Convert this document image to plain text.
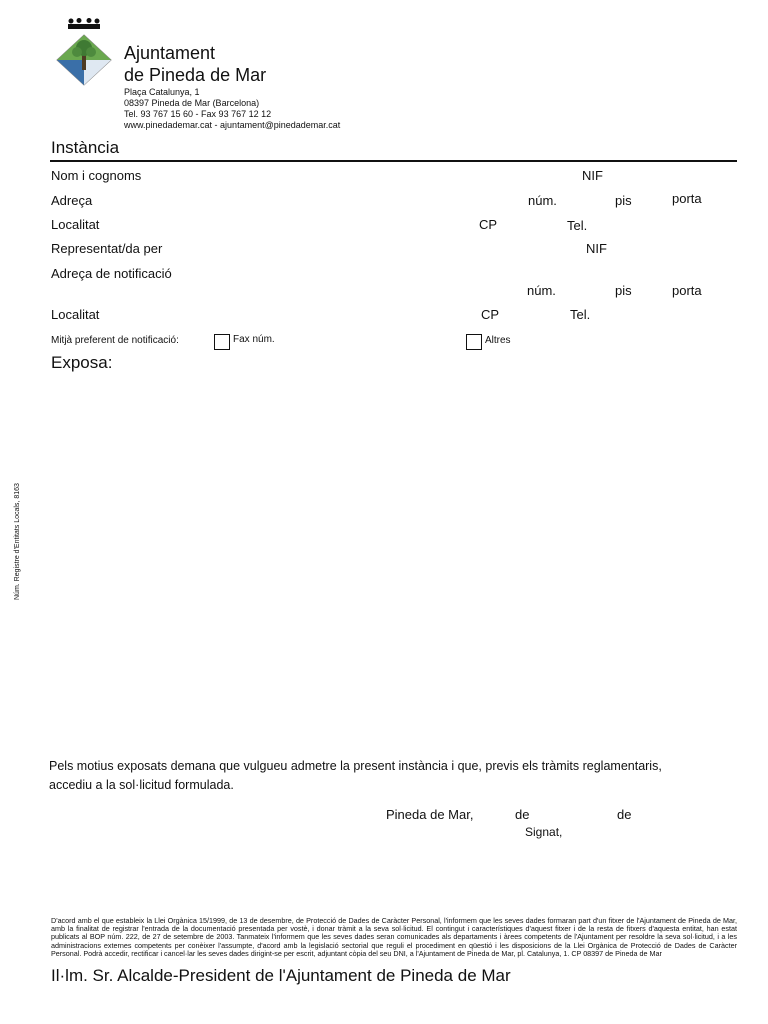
Ajuntament
de Pineda de Mar
Plaça Catalunya, 1
08397 Pineda de Mar (Barcelona)
Tel. 93 767 15 60 - Fax 93 767 12 12
www.pinedademar.cat - ajuntament@pinedademar.cat
Instància
Nom i cognoms	NIF
Adreça	núm.	pis	porta
Localitat	CP	Tel.
Representat/da per	NIF
Adreça de notificació
núm.	pis	porta
Localitat	CP	Tel.
Mitjà preferent de notificació:	Fax núm.	Altres
Exposa:
Núm. Registre d'Entitats Locals, 8163
Pels motius exposats demana que vulgueu admetre la present instància i que, previs els tràmits reglamentaris,
accediu a la sol·licitud formulada.
Pineda de Mar,	de	de
Signat,
D'acord amb el que estableix la Llei Orgànica 15/1999, de 13 de desembre, de Protecció de Dades de Caràcter Personal, l'informem que les seves dades formaran part d'un fitxer de l'Ajuntament de Pineda de Mar, amb la finalitat de registrar l'entrada de la documentació presentada per vostè, i donar tràmit a la seva sol·licitud. El contingut i característiques d'aquest fitxer i de la resta de fitxers d'aquesta entitat, han estat publicats al BOP núm. 222, de 27 de setembre de 2003. Tanmateix l'informem que les seves dades seran comunicades als departaments i àrees competents de l'Ajuntament per resoldre la seva sol·licitud, i a les administracions externes competents per conèixer l'assumpte, d'acord amb la legislació sectorial que reguli el procediment en qüestió i les disposicions de la Llei Orgànica de Protecció de Dades de Caràcter Personal. Podrà accedir, rectificar i cancel·lar les seves dades dirigint-se per escrit, adjuntant còpia del seu DNI, a l'Ajuntament de Pineda de Mar, pl. Catalunya, 1. CP 08397 de Pineda de Mar
Il·lm. Sr. Alcalde-President de l'Ajuntament de Pineda de Mar
